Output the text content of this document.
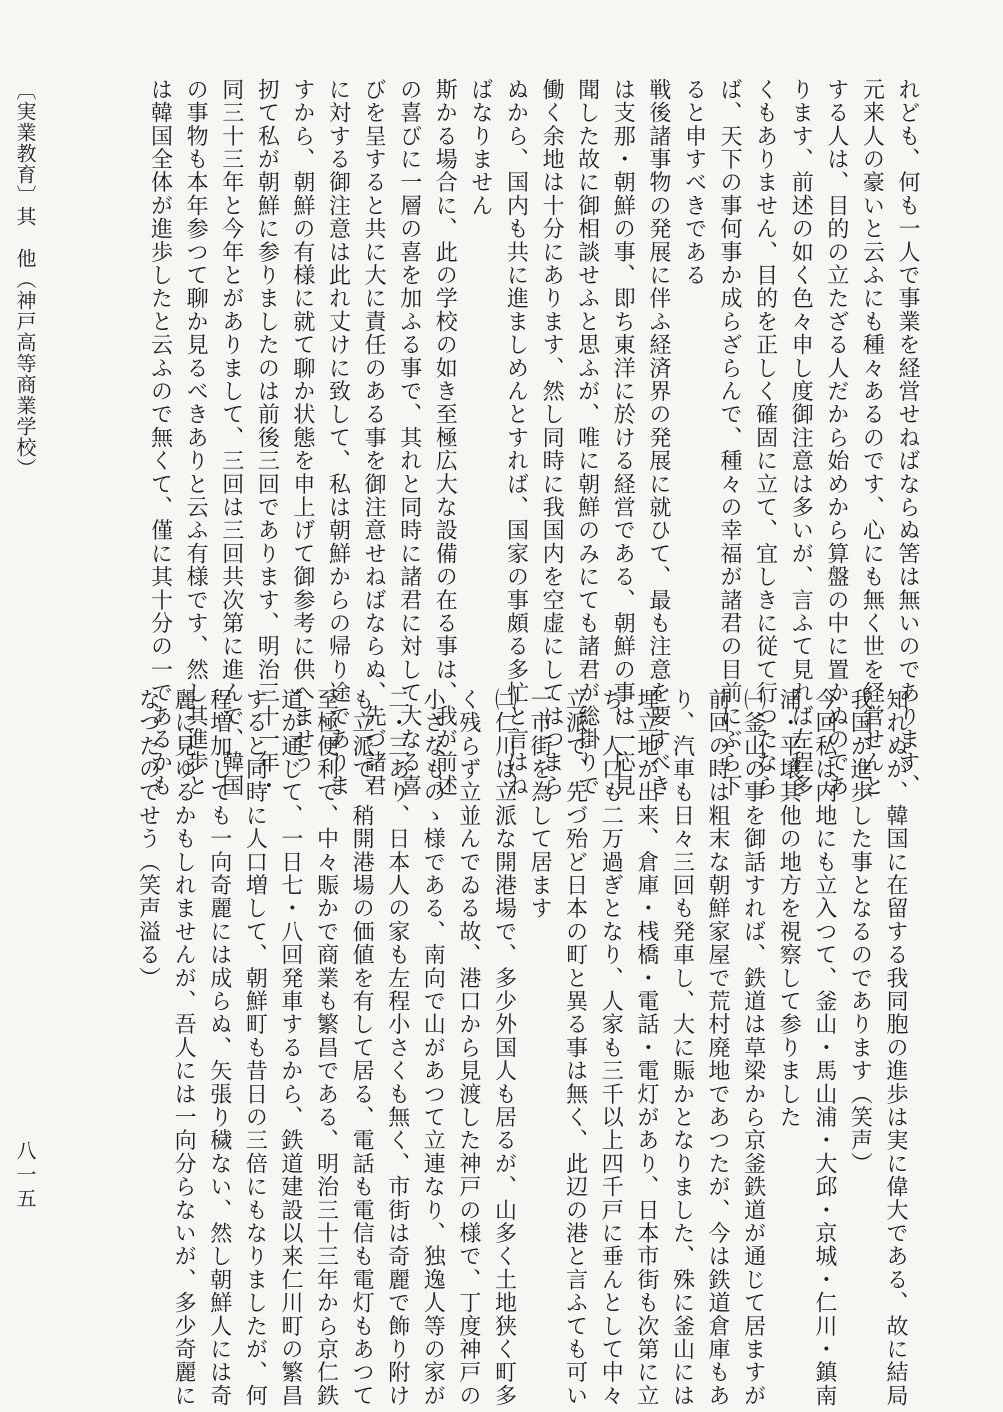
れども、何も一人で事業を経営せねばならぬ筈は無いのであります、
元来人の豪いと云ふにも種々あるのです、心にも無く世を経営せんと
する人は、目的の立たざる人だから始めから算盤の中に置かぬのであ
ります、前述の如く色々申し度御注意は多いが、言ふて見れば左程多
くもありません、目的を正しく確固に立て、宜しきに従て行つたなら
ば、天下の事何事か成らざらんで、種々の幸福が諸君の目前にぶら下
ると申すべきである
戦後諸事物の発展に伴ふ経済界の発展に就ひて、最も注意を要すべき
は支那・朝鮮の事、即ち東洋に於ける経営である、朝鮮の事は一応見
聞した故に御相談せふと思ふが、唯に朝鮮のみにても諸君が総掛りで
働く余地は十分にあります、然し同時に我国内を空虚にしてはつまら
ぬから、国内も共に進ましめんとすれば、国家の事頗る多忙と言はね
ばなりません
斯かる場合に、此の学校の如き至極広大な設備の在る事は、我が前述
の喜びに一層の喜を加ふる事で、其れと同時に諸君に対して大なる喜
びを呈すると共に大に責任のある事を御注意せねばならぬ、先づ諸君
に対する御注意は此れ丈けに致して、私は朝鮮からの帰り途でありま
すから、朝鮮の有様に就て聊か状態を申上げて御参考に供へませう
扨て私が朝鮮に参りましたのは前後三回であります、明治三十一年・
同三十三年と今年とがありまして、三回は三回共次第に進んで、韓国
の事物も本年参つて聊か見るべきありと云ふ有様です、然し其進歩と
は韓国全体が進歩したと云ふので無くて、僅に其十分の一であるかも
知れぬが、韓国に在留する我同胞の進歩は実に偉大である、故に結局
我国が進歩した事となるのであります（笑声）
今回私は内地にも立入つて、釜山・馬山浦・大邱・京城・仁川・鎮南
浦・平壌其他の地方を視察して参りました
㈠釜山の事を御話すれば、鉄道は草梁から京釜鉄道が通じて居ますが
前回の時は粗末な朝鮮家屋で荒村廃地であつたが、今は鉄道倉庫もあ
り、汽車も日々三回も発車し、大に賑かとなりました、殊に釜山には
埋立地が出来、倉庫・桟橋・電話・電灯があり、日本市街も次第に立
ち、人口も二万過ぎとなり、人家も三千以上四千戸に垂んとして中々
立派で、先づ殆ど日本の町と異る事は無く、此辺の港と言ふても可い
一市街を為して居ます
㈡仁川は立派な開港場で、多少外国人も居るが、山多く土地狭く町多
く残らず立並んでゐる故、港口から見渡した神戸の様で、丁度神戸の
小さなものゝ様である、南向で山があつて立連なり、独逸人等の家が
二・三あり、日本人の家も左程小さくも無く、市街は奇麗で飾り附け
も立派で、稍開港場の価値を有して居る、電話も電信も電灯もあつて
至極便利で、中々賑かで商業も繁昌である、明治三十三年から京仁鉄
道が通じて、一日七・八回発車するから、鉄道建設以来仁川町の繁昌
すると同時に人口増して、朝鮮町も昔日の三倍にもなりましたが、何
程増加しても一向奇麗には成らぬ、矢張り穢ない、然し朝鮮人には奇
麗に見ゆるかもしれませんが、吾人には一向分らないが、多少奇麗に
なつたのでせう（笑声溢る）
〔実業教育〕其　他（神戸高等商業学校）
八一五
